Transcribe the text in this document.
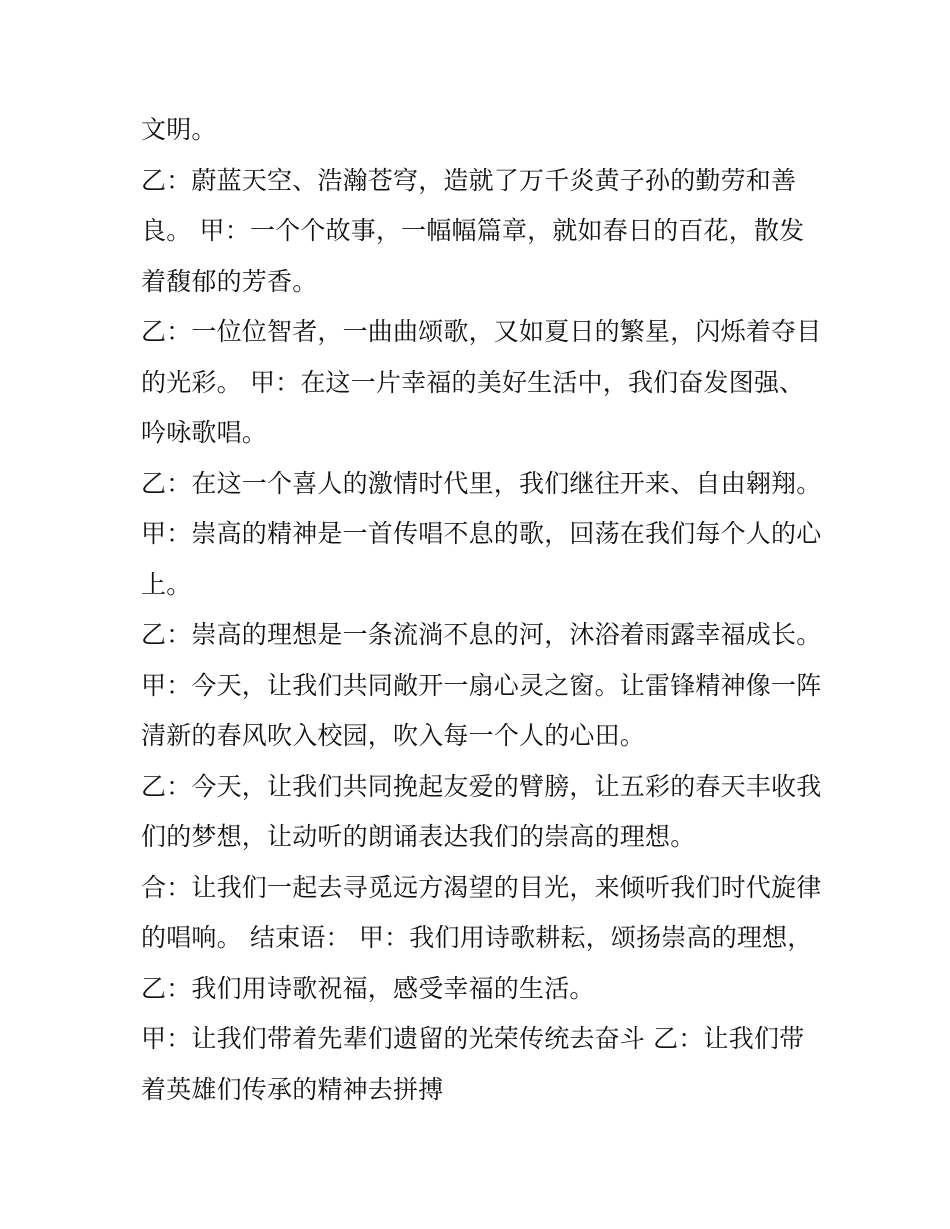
文明。
乙：蔚蓝天空、浩瀚苍穹，造就了万千炎黄子孙的勤劳和善
良。 甲：一个个故事，一幅幅篇章，就如春日的百花，散发
着馥郁的芳香。
乙：一位位智者，一曲曲颂歌，又如夏日的繁星，闪烁着夺目
的光彩。 甲：在这一片幸福的美好生活中，我们奋发图强、
吟咏歌唱。
乙：在这一个喜人的激情时代里，我们继往开来、自由翱翔。
甲：崇高的精神是一首传唱不息的歌，回荡在我们每个人的心
上。
乙：崇高的理想是一条流淌不息的河，沐浴着雨露幸福成长。
甲：今天，让我们共同敞开一扇心灵之窗。让雷锋精神像一阵
清新的春风吹入校园，吹入每一个人的心田。
乙：今天，让我们共同挽起友爱的臂膀，让五彩的春天丰收我
们的梦想，让动听的朗诵表达我们的崇高的理想。
合：让我们一起去寻觅远方渴望的目光，来倾听我们时代旋律
的唱响。 结束语： 甲：我们用诗歌耕耘，颂扬崇高的理想，
乙：我们用诗歌祝福，感受幸福的生活。
甲：让我们带着先辈们遗留的光荣传统去奋斗 乙：让我们带
着英雄们传承的精神去拼搏
